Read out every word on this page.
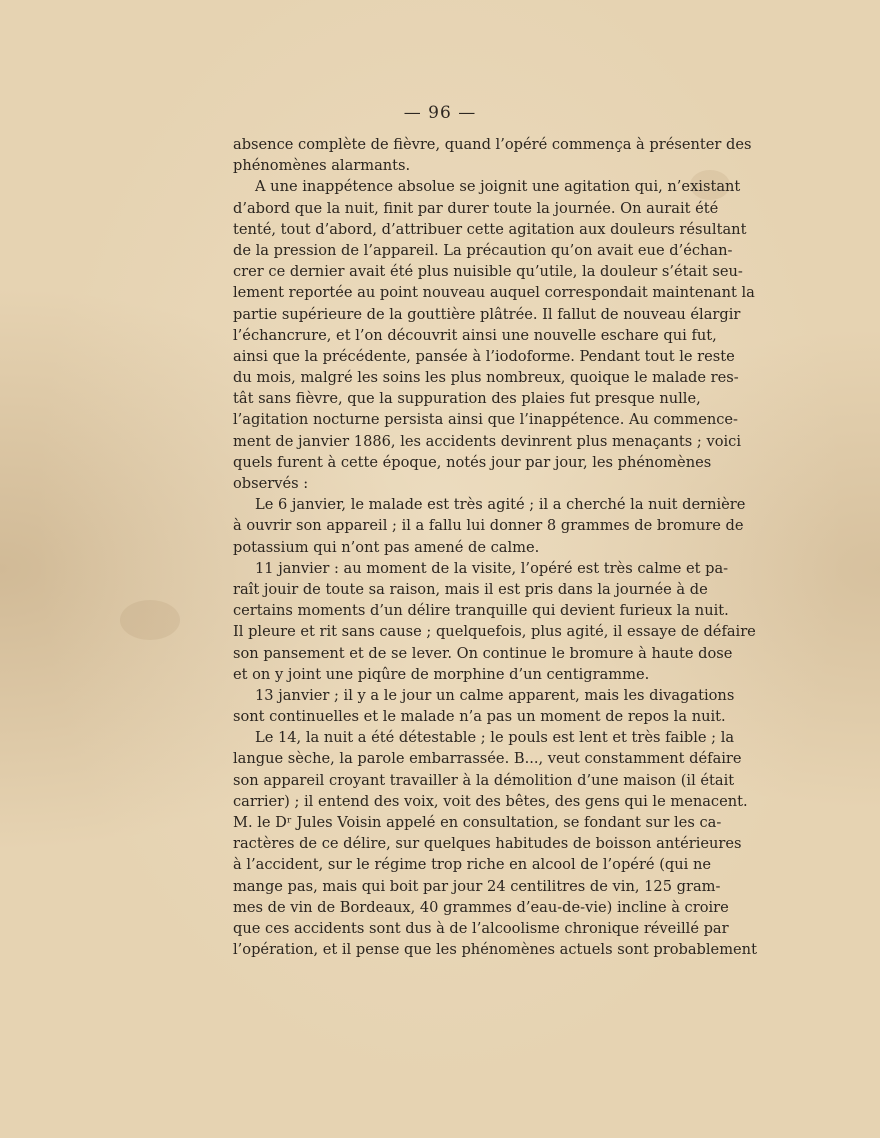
— 96 —
absence complète de fièvre, quand l’opéré commença à présenter des
phénomènes alarmants.
A une inappétence absolue se joignit une agitation qui, n’existant
d’abord que la nuit, finit par durer toute la journée. On aurait été
tenté, tout d’abord, d’attribuer cette agitation aux douleurs résultant
de la pression de l’appareil. La précaution qu’on avait eue d’échan-
crer ce dernier avait été plus nuisible qu’utile, la douleur s’était seu-
lement reportée au point nouveau auquel correspondait maintenant la
partie supérieure de la gouttière plâtrée. Il fallut de nouveau élargir
l’échancrure, et l’on découvrit ainsi une nouvelle eschare qui fut,
ainsi que la précédente, pansée à l’iodoforme. Pendant tout le reste
du mois, malgré les soins les plus nombreux, quoique le malade res-
tât sans fièvre, que la suppuration des plaies fut presque nulle,
l’agitation nocturne persista ainsi que l’inappétence. Au commence-
ment de janvier 1886, les accidents devinrent plus menaçants ; voici
quels furent à cette époque, notés jour par jour, les phénomènes
observés :
Le 6 janvier, le malade est très agité ; il a cherché la nuit dernière
à ouvrir son appareil ; il a fallu lui donner 8 grammes de bromure de
potassium qui n’ont pas amené de calme.
11 janvier : au moment de la visite, l’opéré est très calme et pa-
raît jouir de toute sa raison, mais il est pris dans la journée à de
certains moments d’un délire tranquille qui devient furieux la nuit.
Il pleure et rit sans cause ; quelquefois, plus agité, il essaye de défaire
son pansement et de se lever. On continue le bromure à haute dose
et on y joint une piqûre de morphine d’un centigramme.
13 janvier ; il y a le jour un calme apparent, mais les divagations
sont continuelles et le malade n’a pas un moment de repos la nuit.
Le 14, la nuit a été détestable ; le pouls est lent et très faible ; la
langue sèche, la parole embarrassée. B..., veut constamment défaire
son appareil croyant travailler à la démolition d’une maison (il était
carrier) ; il entend des voix, voit des bêtes, des gens qui le menacent.
M. le Dʳ Jules Voisin appelé en consultation, se fondant sur les ca-
ractères de ce délire, sur quelques habitudes de boisson antérieures
à l’accident, sur le régime trop riche en alcool de l’opéré (qui ne
mange pas, mais qui boit par jour 24 centilitres de vin, 125 gram-
mes de vin de Bordeaux, 40 grammes d’eau-de-vie) incline à croire
que ces accidents sont dus à de l’alcoolisme chronique réveillé par
l’opération, et il pense que les phénomènes actuels sont probablement
